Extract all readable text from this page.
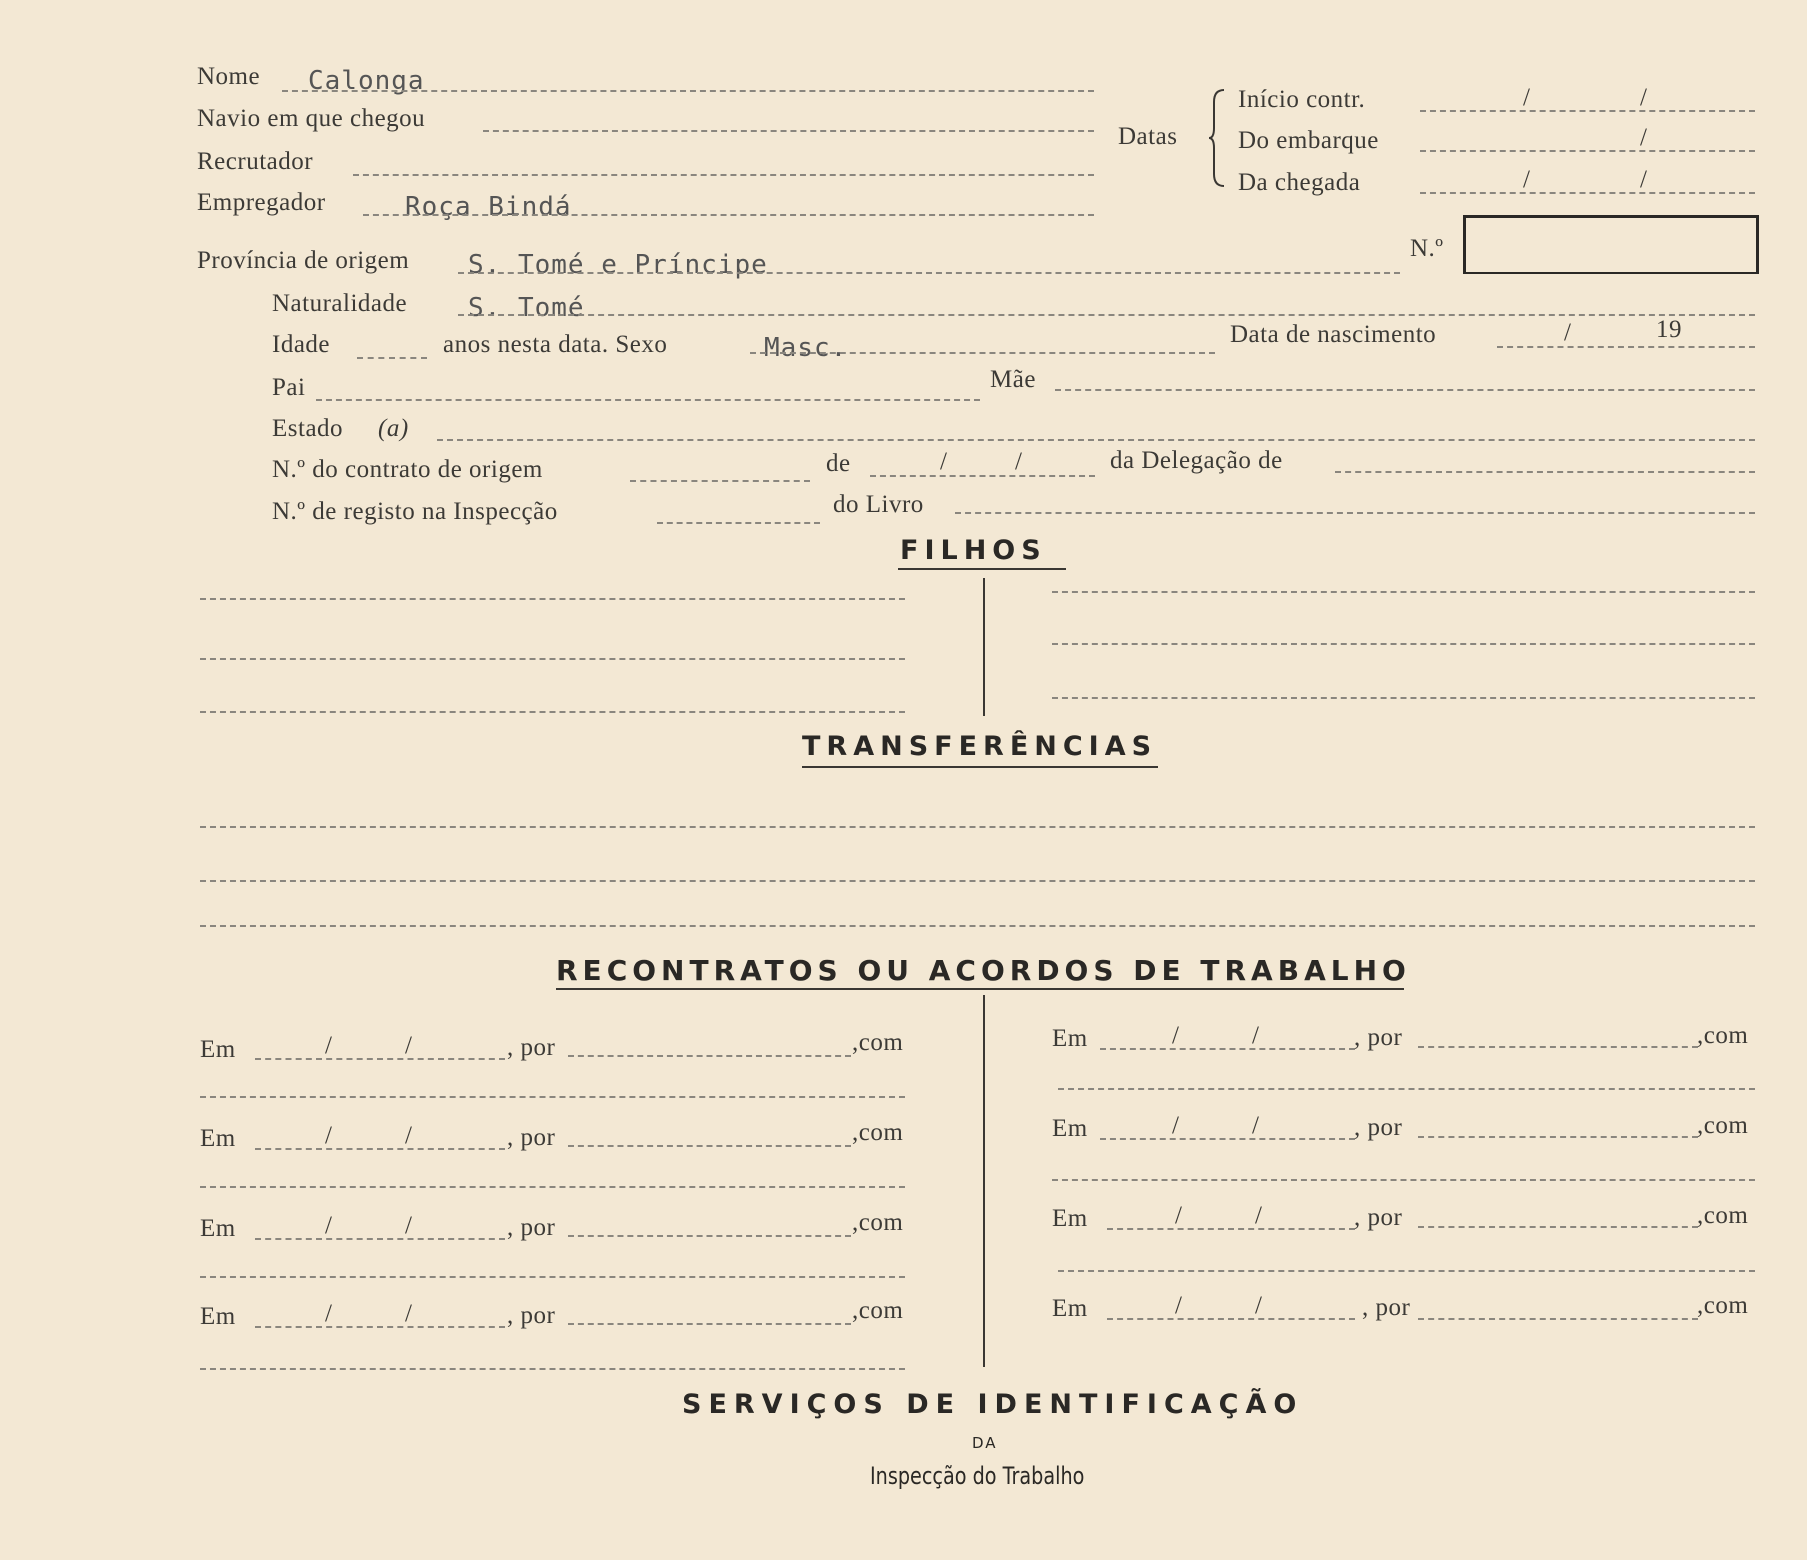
Nome Calonga
Navio em que chegou
Recrutador
Empregador	Roça Bindá
Datas
Início contr.	/	/
Do embarque	/
Da chegada	/	/
Província de origem S. Tomé e Príncipe
N.º
Naturalidade S. Tomé
Idade	anos nesta data. Sexo	Masc.	Data de nascimento	/	19
Pai	Mãe
Estado (a)
N.º do contrato de origem	de	/	/	da Delegação de
N.º de registo na Inspecção	do Livro
FILHOS
TRANSFERÊNCIAS
RECONTRATOS OU ACORDOS DE TRABALHO
Em	/	/	, por	,com
Em	/	/	, por	,com
Em	/	/	, por	,com
Em	/	/	, por	,com
Em	/	/	, por	,com
Em	/	/	, por	,com
Em	/	/	, por	,com
Em	/	/	, por	,com
SERVIÇOS DE IDENTIFICAÇÃO
DA
Inspecção do Trabalho
